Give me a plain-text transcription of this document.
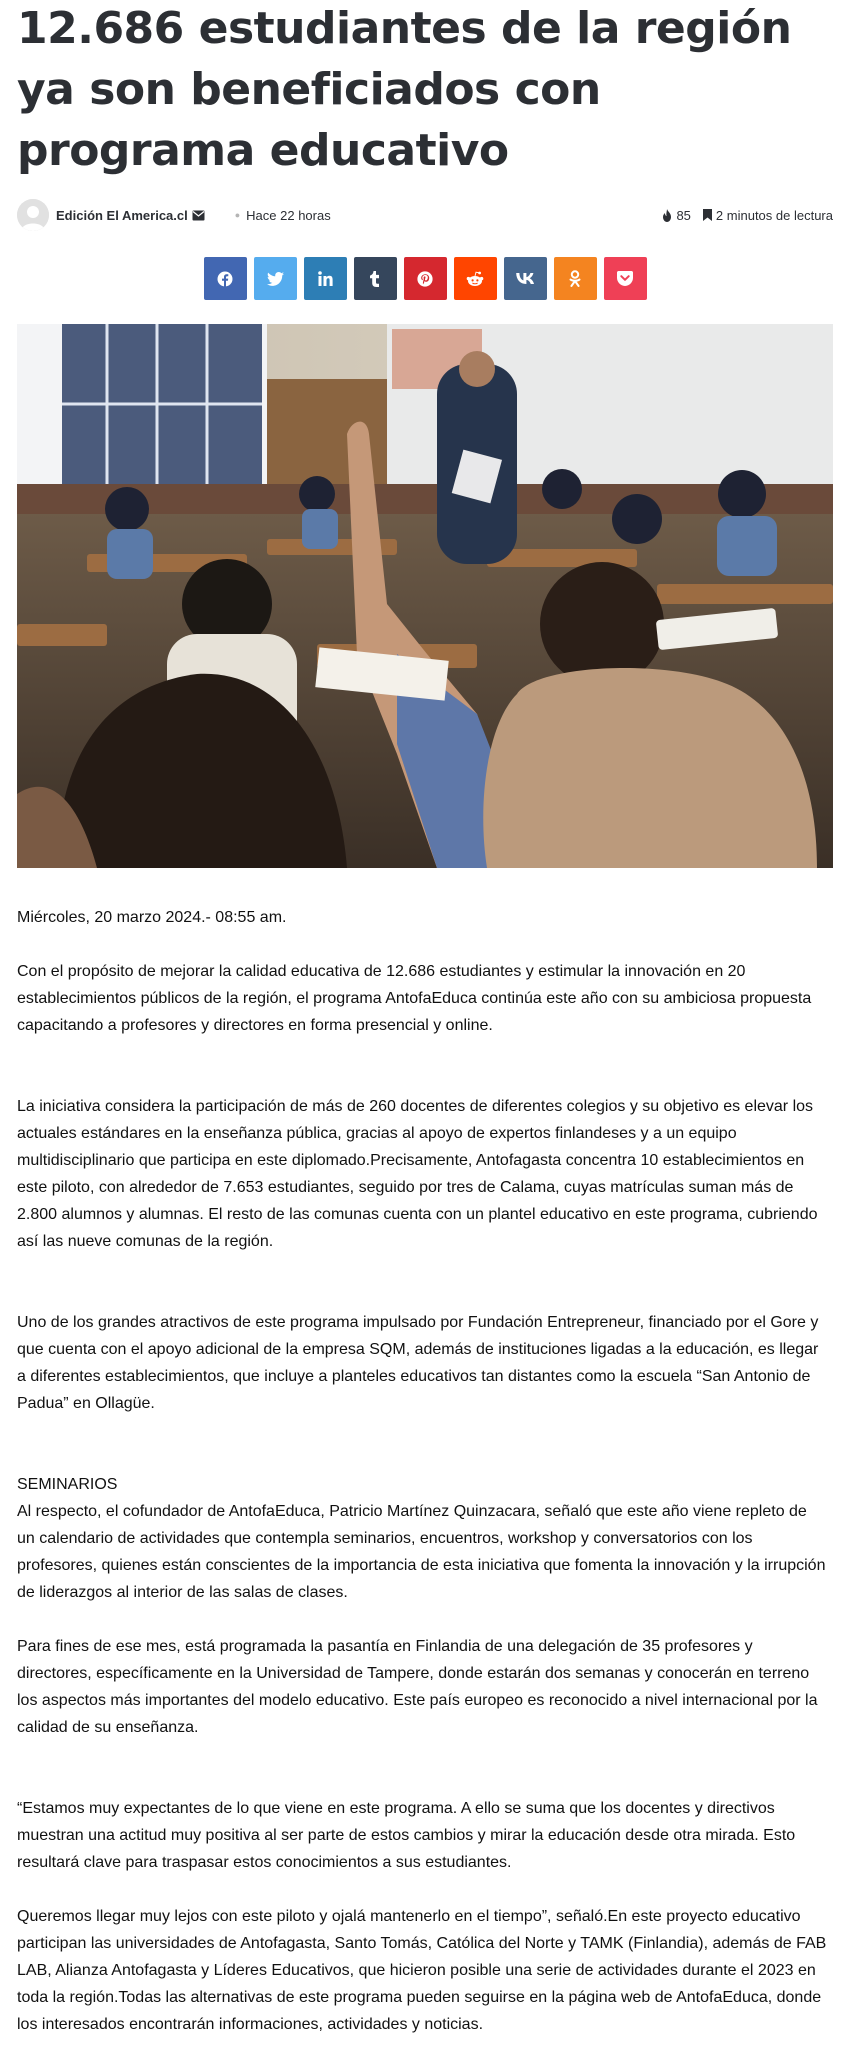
12.686 estudiantes de la región ya son beneficiados con programa educativo
Edición El America.cl	● Hace 22 horas	85 2 minutos de lectura

Miércoles, 20 marzo 2024.- 08:55 am.

Con el propósito de mejorar la calidad educativa de 12.686 estudiantes y estimular la innovación en 20 establecimientos públicos de la región, el programa AntofaEduca continúa este año con su ambiciosa propuesta capacitando a profesores y directores en forma presencial y online.

La iniciativa considera la participación de más de 260 docentes de diferentes colegios y su objetivo es elevar los actuales estándares en la enseñanza pública, gracias al apoyo de expertos finlandeses y a un equipo multidisciplinario que participa en este diplomado.Precisamente, Antofagasta concentra 10 establecimientos en este piloto, con alrededor de 7.653 estudiantes, seguido por tres de Calama, cuyas matrículas suman más de 2.800 alumnos y alumnas. El resto de las comunas cuenta con un plantel educativo en este programa, cubriendo así las nueve comunas de la región.

Uno de los grandes atractivos de este programa impulsado por Fundación Entrepreneur, financiado por el Gore y que cuenta con el apoyo adicional de la empresa SQM, además de instituciones ligadas a la educación, es llegar a diferentes establecimientos, que incluye a planteles educativos tan distantes como la escuela “San Antonio de Padua” en Ollagüe.

SEMINARIOS

Al respecto, el cofundador de AntofaEduca, Patricio Martínez Quinzacara, señaló que este año viene repleto de un calendario de actividades que contempla seminarios, encuentros, workshop y conversatorios con los profesores, quienes están conscientes de la importancia de esta iniciativa que fomenta la innovación y la irrupción de liderazgos al interior de las salas de clases.

Para fines de ese mes, está programada la pasantía en Finlandia de una delegación de 35 profesores y directores, específicamente en la Universidad de Tampere, donde estarán dos semanas y conocerán en terreno los aspectos más importantes del modelo educativo. Este país europeo es reconocido a nivel internacional por la calidad de su enseñanza.

“Estamos muy expectantes de lo que viene en este programa. A ello se suma que los docentes y directivos muestran una actitud muy positiva al ser parte de estos cambios y mirar la educación desde otra mirada. Esto resultará clave para traspasar estos conocimientos a sus estudiantes.

Queremos llegar muy lejos con este piloto y ojalá mantenerlo en el tiempo”, señaló.En este proyecto educativo participan las universidades de Antofagasta, Santo Tomás, Católica del Norte y TAMK (Finlandia), además de FAB LAB, Alianza Antofagasta y Líderes Educativos, que hicieron posible una serie de actividades durante el 2023 en toda la región.Todas las alternativas de este programa pueden seguirse en la página web de AntofaEduca, donde los interesados encontrarán informaciones, actividades y noticias.
